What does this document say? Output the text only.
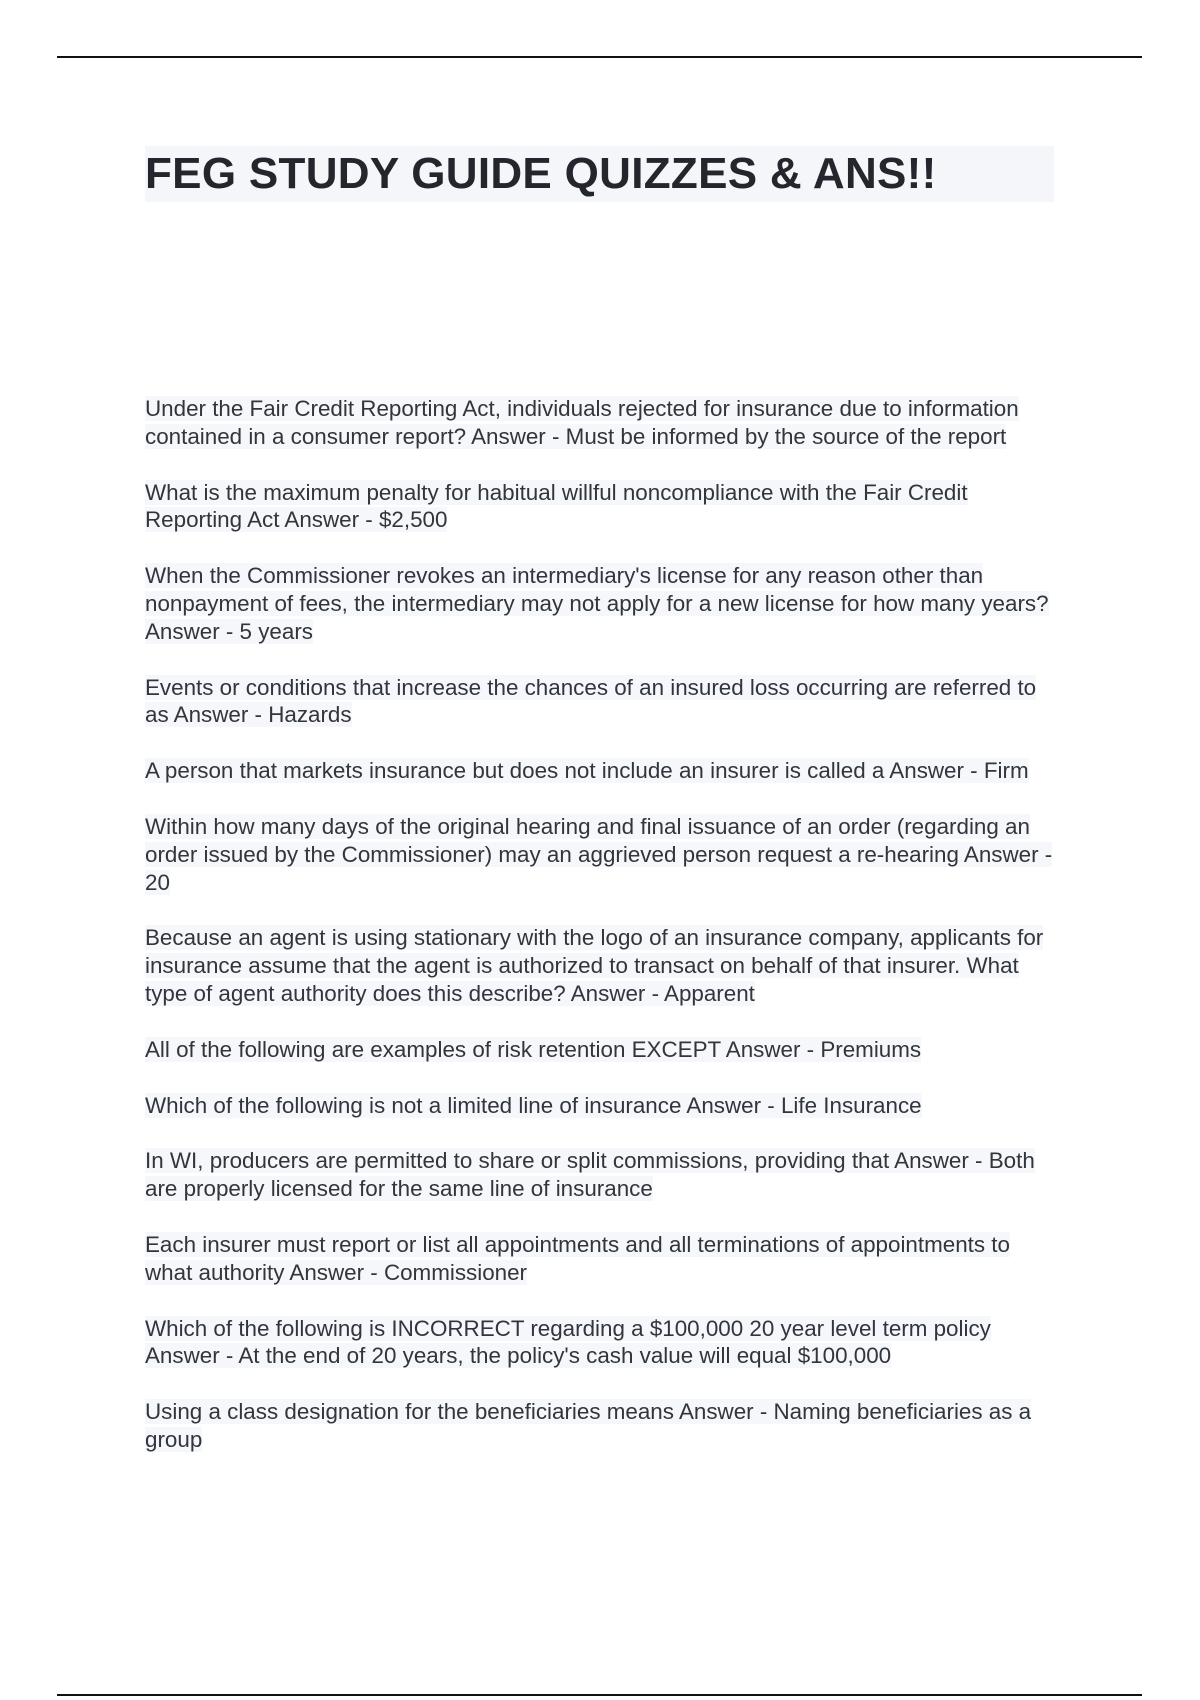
FEG STUDY GUIDE QUIZZES & ANS!!
Under the Fair Credit Reporting Act, individuals rejected for insurance due to information contained in a consumer report? Answer - Must be informed by the source of the report
What is the maximum penalty for habitual willful noncompliance with the Fair Credit Reporting Act Answer - $2,500
When the Commissioner revokes an intermediary's license for any reason other than nonpayment of fees, the intermediary may not apply for a new license for how many years? Answer - 5 years
Events or conditions that increase the chances of an insured loss occurring are referred to as Answer - Hazards
A person that markets insurance but does not include an insurer is called a Answer - Firm
Within how many days of the original hearing and final issuance of an order (regarding an order issued by the Commissioner) may an aggrieved person request a re-hearing Answer - 20
Because an agent is using stationary with the logo of an insurance company, applicants for insurance assume that the agent is authorized to transact on behalf of that insurer. What type of agent authority does this describe? Answer - Apparent
All of the following are examples of risk retention EXCEPT Answer - Premiums
Which of the following is not a limited line of insurance Answer - Life Insurance
In WI, producers are permitted to share or split commissions, providing that Answer - Both are properly licensed for the same line of insurance
Each insurer must report or list all appointments and all terminations of appointments to what authority Answer - Commissioner
Which of the following is INCORRECT regarding a $100,000 20 year level term policy Answer - At the end of 20 years, the policy's cash value will equal $100,000
Using a class designation for the beneficiaries means Answer - Naming beneficiaries as a group
